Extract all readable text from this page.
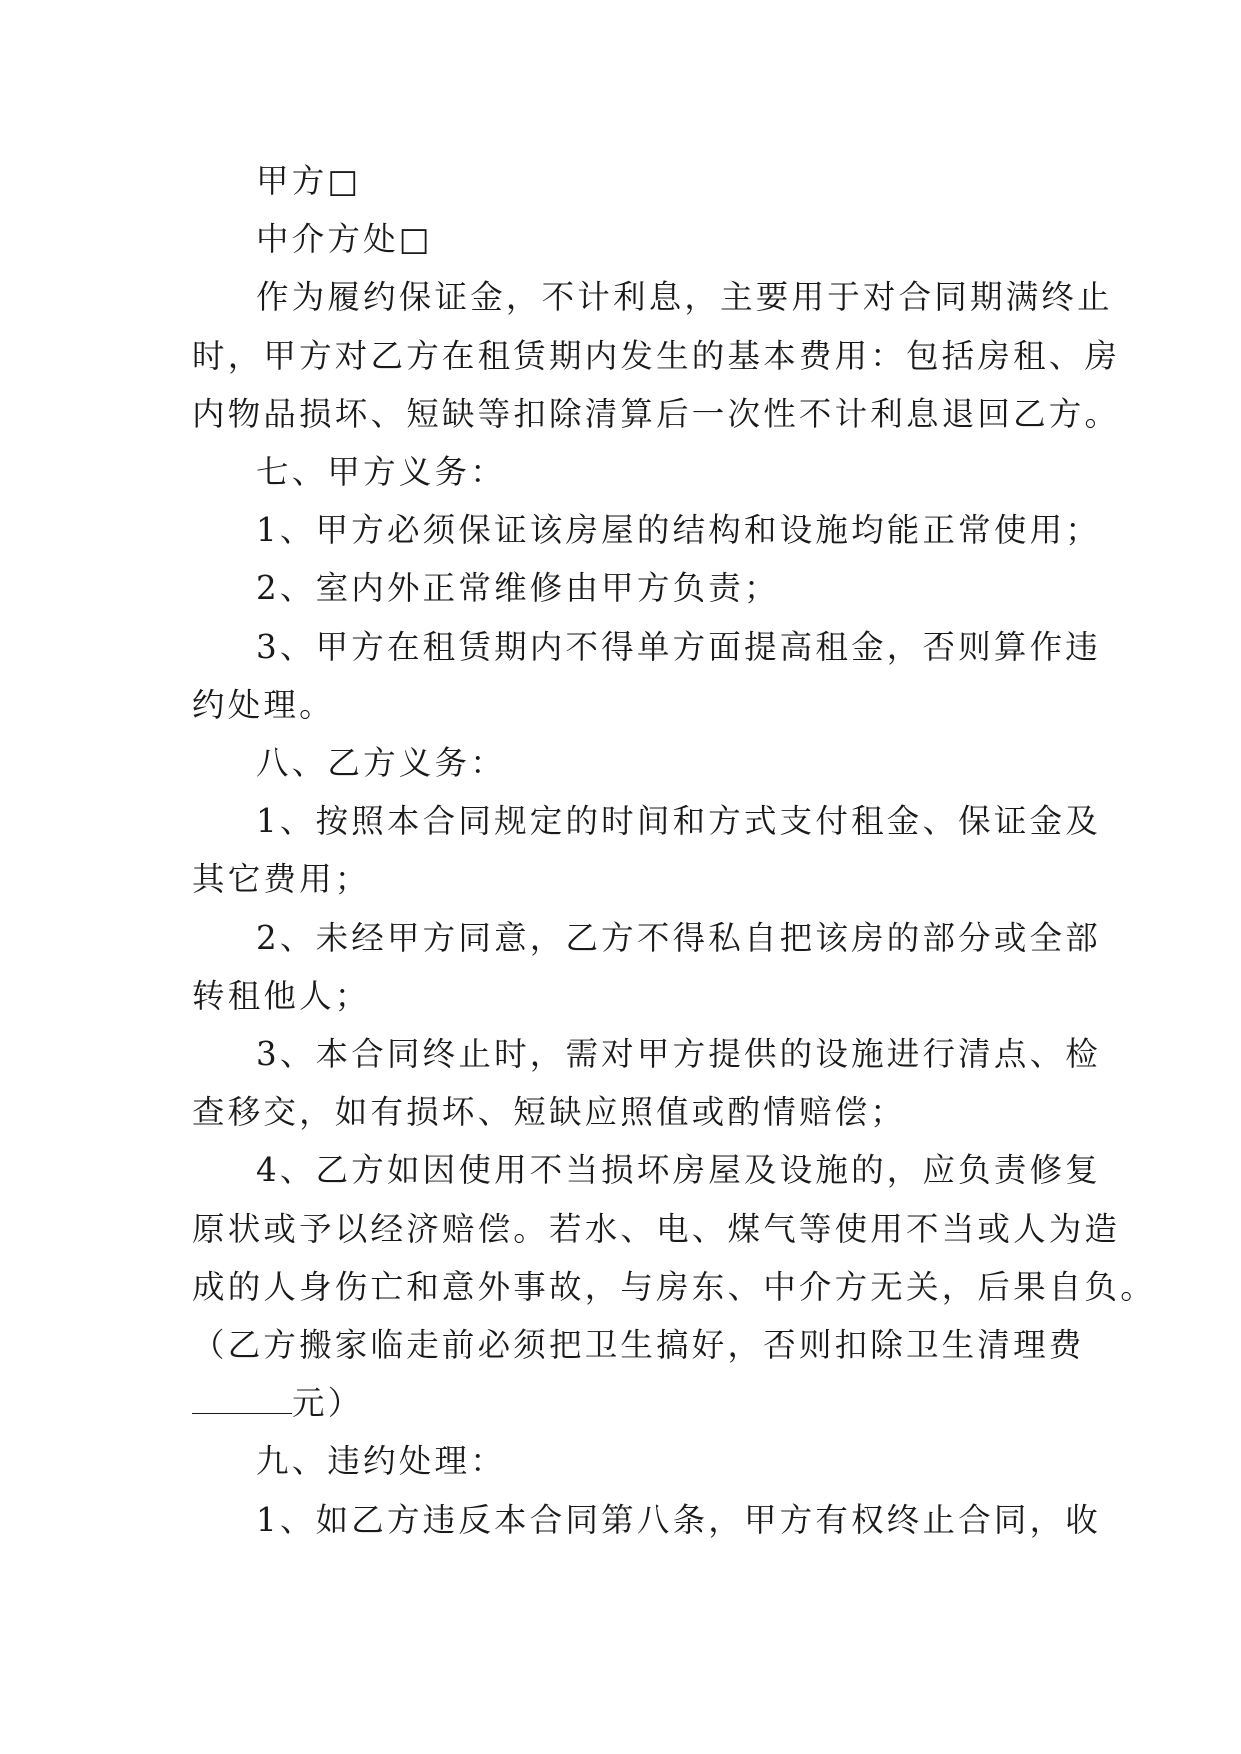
甲方□

中介方处□

作为履约保证金，不计利息，主要用于对合同期满终止

时，甲方对乙方在租赁期内发生的基本费用：包括房租、房

内物品损坏、短缺等扣除清算后一次性不计利息退回乙方。

七、甲方义务：

1、甲方必须保证该房屋的结构和设施均能正常使用；

2、室内外正常维修由甲方负责；

3、甲方在租赁期内不得单方面提高租金，否则算作违

约处理。

八、乙方义务：

1、按照本合同规定的时间和方式支付租金、保证金及

其它费用；

2、未经甲方同意，乙方不得私自把该房的部分或全部

转租他人；

3、本合同终止时，需对甲方提供的设施进行清点、检

查移交，如有损坏、短缺应照值或酌情赔偿；

4、乙方如因使用不当损坏房屋及设施的，应负责修复

原状或予以经济赔偿。若水、电、煤气等使用不当或人为造

成的人身伤亡和意外事故，与房东、中介方无关，后果自负。

（乙方搬家临走前必须把卫生搞好，否则扣除卫生清理费

元）

九、违约处理：

1、如乙方违反本合同第八条，甲方有权终止合同，收
